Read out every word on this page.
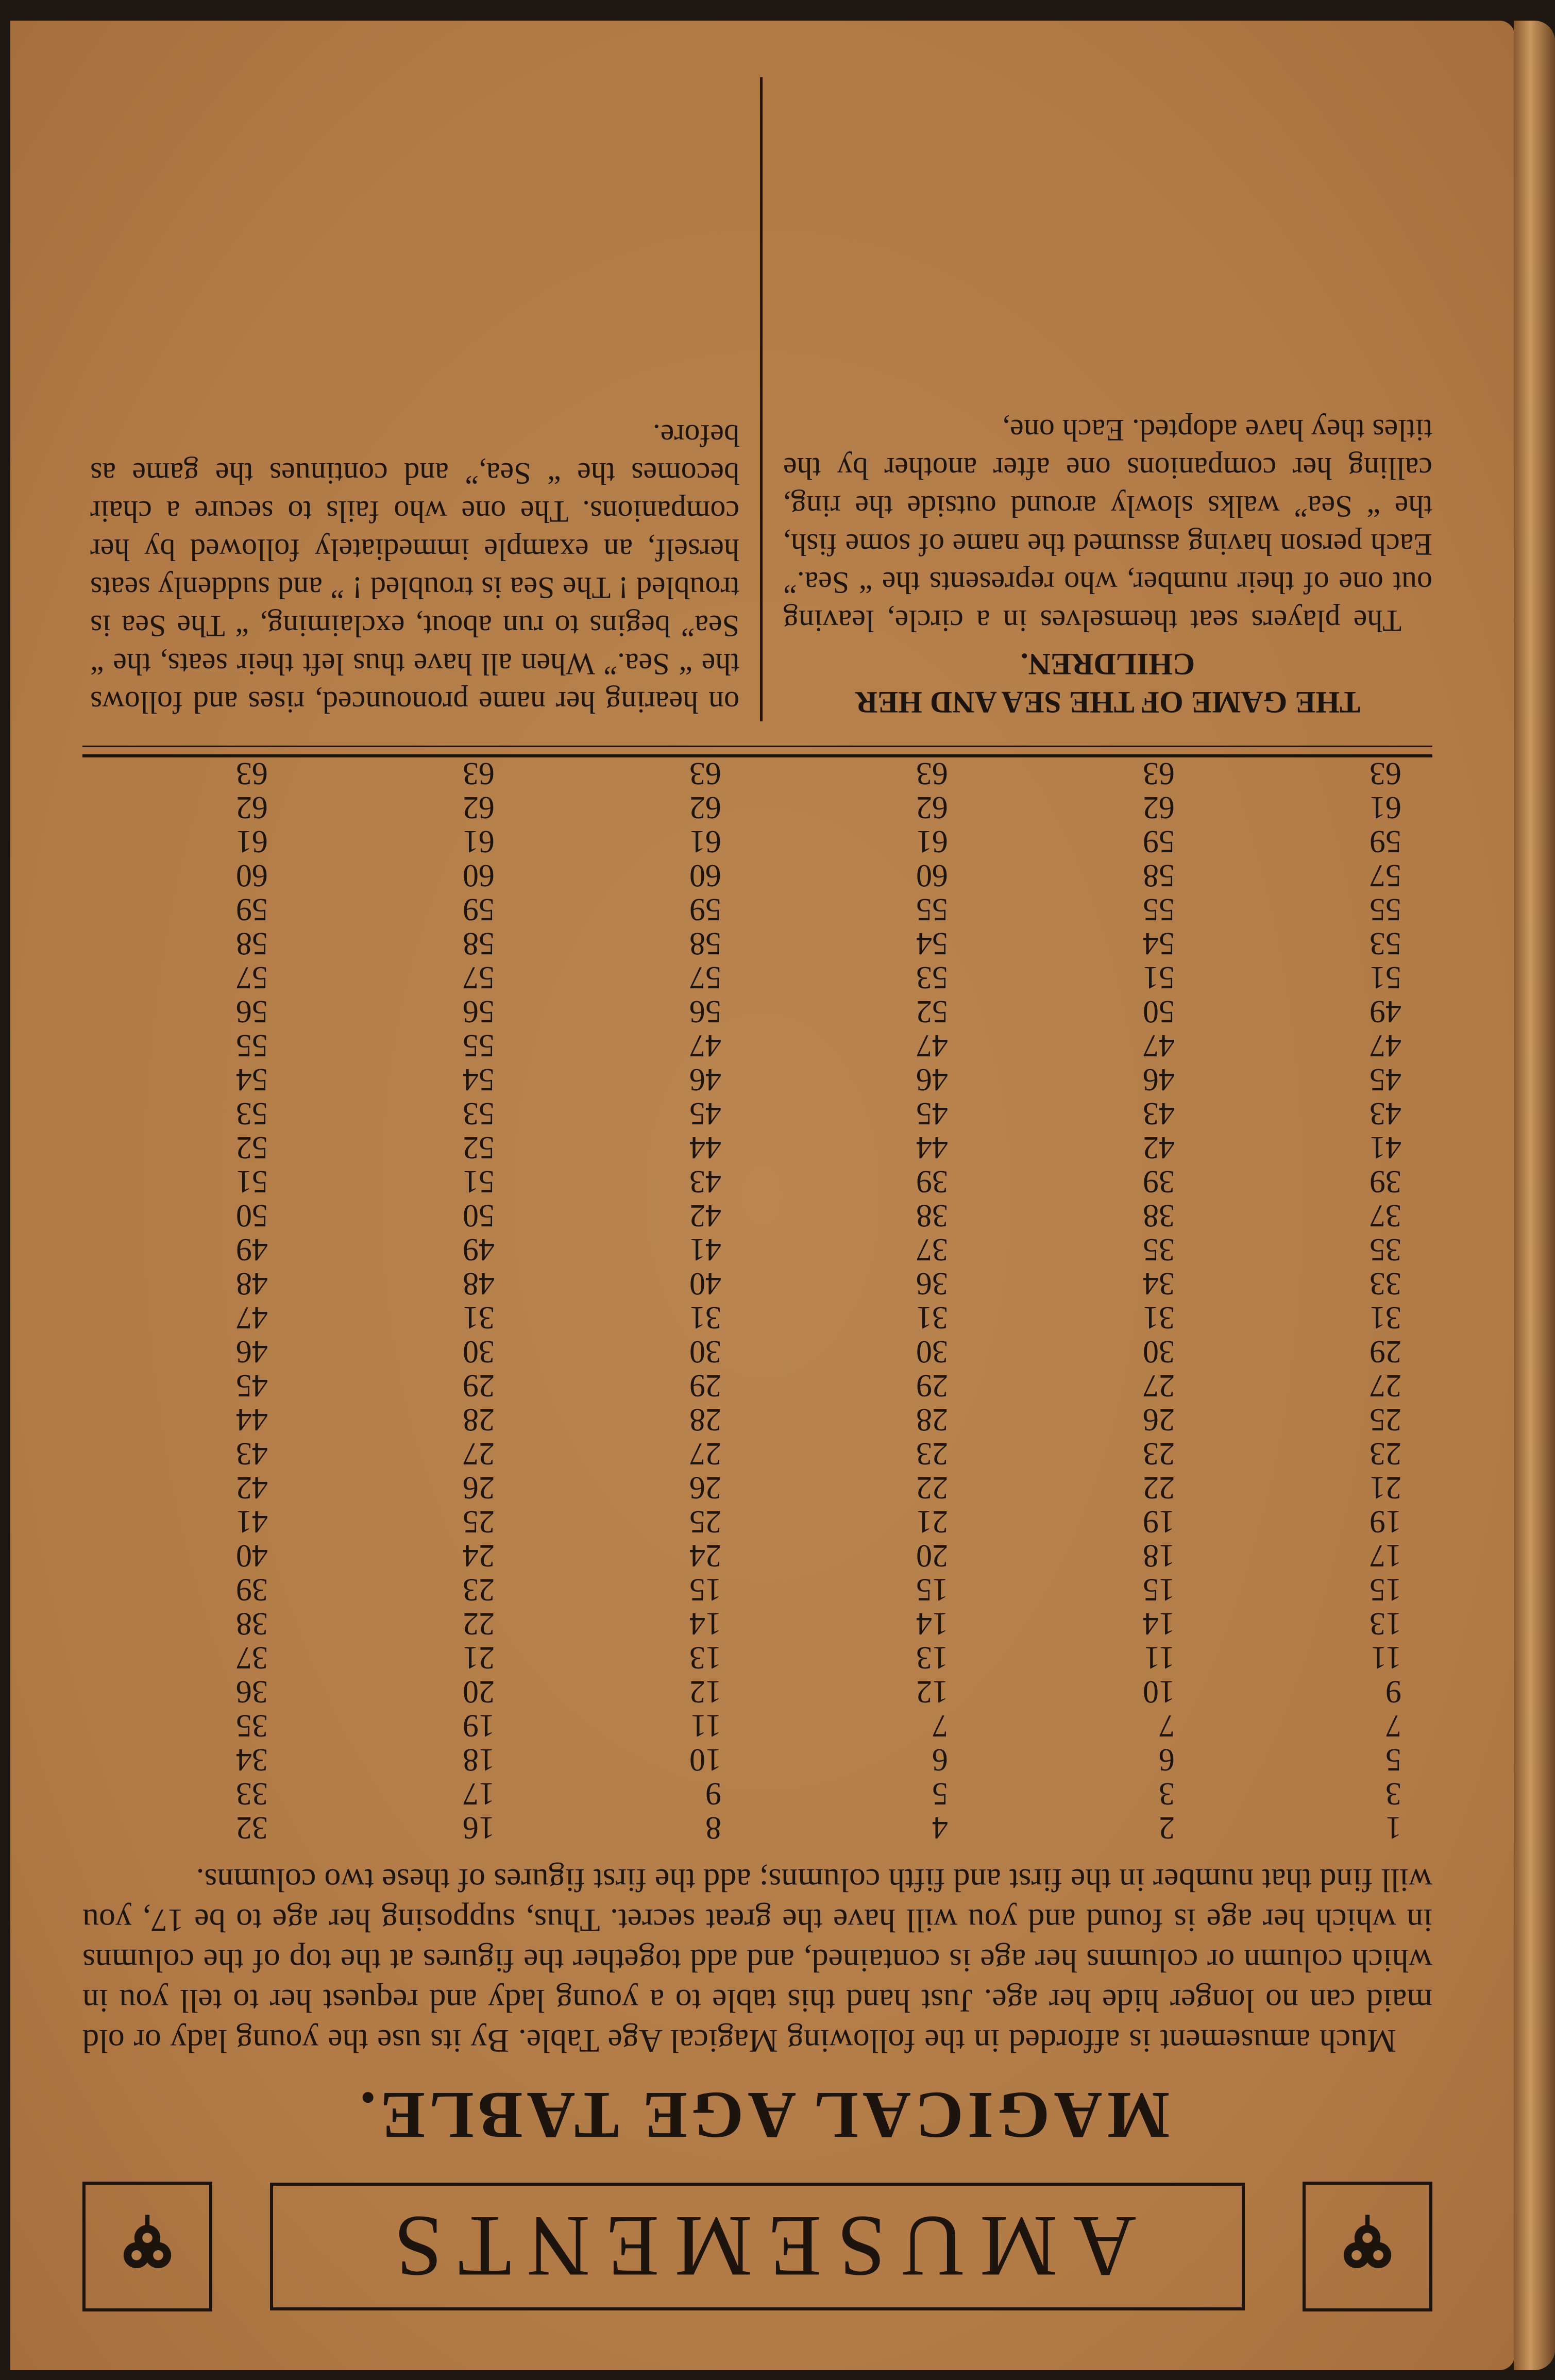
AMUSEMENTS
MAGICAL AGE TABLE.
Much amusement is afforded in the following Magical Age Table. By its use the young lady or old maid can no longer hide her age. Just hand this table to a young lady and request her to tell you in which column or columns her age is contained, and add together the figures at the top of the columns in which her age is found and you will have the great secret. Thus, supposing her age to be 17, you will find that number in the first and fifth columns; add the first figures of these two columns.
1
3
5
7
9
11
13
15
17
19
21
23
25
27
29
31
33
35
37
39
41
43
45
47
49
51
53
55
57
59
61
63
2
3
6
7
10
11
14
15
18
19
22
23
26
27
30
31
34
35
38
39
42
43
46
47
50
51
54
55
58
59
62
63
4
5
6
7
12
13
14
15
20
21
22
23
28
29
30
31
36
37
38
39
44
45
46
47
52
53
54
55
60
61
62
63
8
9
10
11
12
13
14
15
24
25
26
27
28
29
30
31
40
41
42
43
44
45
46
47
56
57
58
59
60
61
62
63
16
17
18
19
20
21
22
23
24
25
26
27
28
29
30
31
48
49
50
51
52
53
54
55
56
57
58
59
60
61
62
63
32
33
34
35
36
37
38
39
40
41
42
43
44
45
46
47
48
49
50
51
52
53
54
55
56
57
58
59
60
61
62
63
THE GAME OF THE SEA AND HER CHILDREN.
The players seat themselves in a circle, leaving out one of their number, who represents the “ Sea.” Each person having assumed the name of some fish, the “ Sea” walks slowly around outside the ring, calling her companions one after another by the titles they have adopted. Each one,
on hearing her name pronounced, rises and follows the “ Sea.” When all have thus left their seats, the “ Sea” begins to run about, exclaiming, “ The Sea is troubled ! The Sea is troubled ! ” and suddenly seats herself, an example immediately followed by her companions. The one who fails to secure a chair becomes the “ Sea,” and continues the game as before.
